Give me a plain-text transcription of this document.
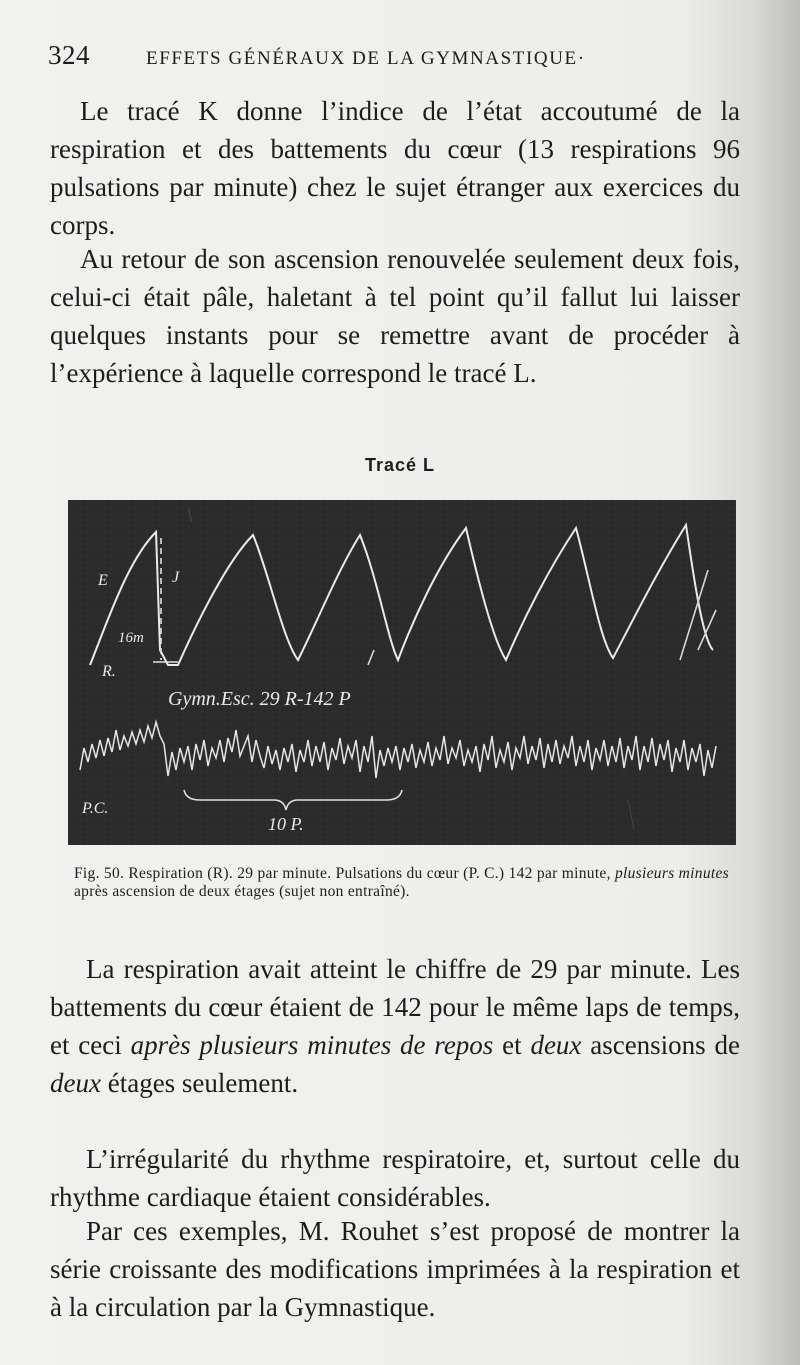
324	EFFETS GÉNÉRAUX DE LA GYMNASTIQUE·

Le tracé K donne l’indice de l’état accoutumé de la respiration et des battements du cœur (13 respirations 96 pulsations par minute) chez le sujet étranger aux exercices du corps.

Au retour de son ascension renouvelée seulement deux fois, celui-ci était pâle, haletant à tel point qu’il fallut lui laisser quelques instants pour se remettre avant de procéder à l’expérience à laquelle correspond le tracé L.

Tracé L
E	J
16m
R.
Gymn.Esc. 29 R-142 P
P.C.
10 P.

Fig. 50. Respiration (R). 29 par minute. Pulsations du cœur (P. C.) 142 par minute, plusieurs minutes après ascension de deux étages (sujet non entraîné).

La respiration avait atteint le chiffre de 29 par minute. Les battements du cœur étaient de 142 pour le même laps de temps, et ceci après plusieurs minutes de repos et deux ascensions de deux étages seulement.

L’irrégularité du rhythme respiratoire, et, surtout celle du rhythme cardiaque étaient considérables.

Par ces exemples, M. Rouhet s’est proposé de montrer la série croissante des modifications imprimées à la respiration et à la circulation par la Gymnastique.
